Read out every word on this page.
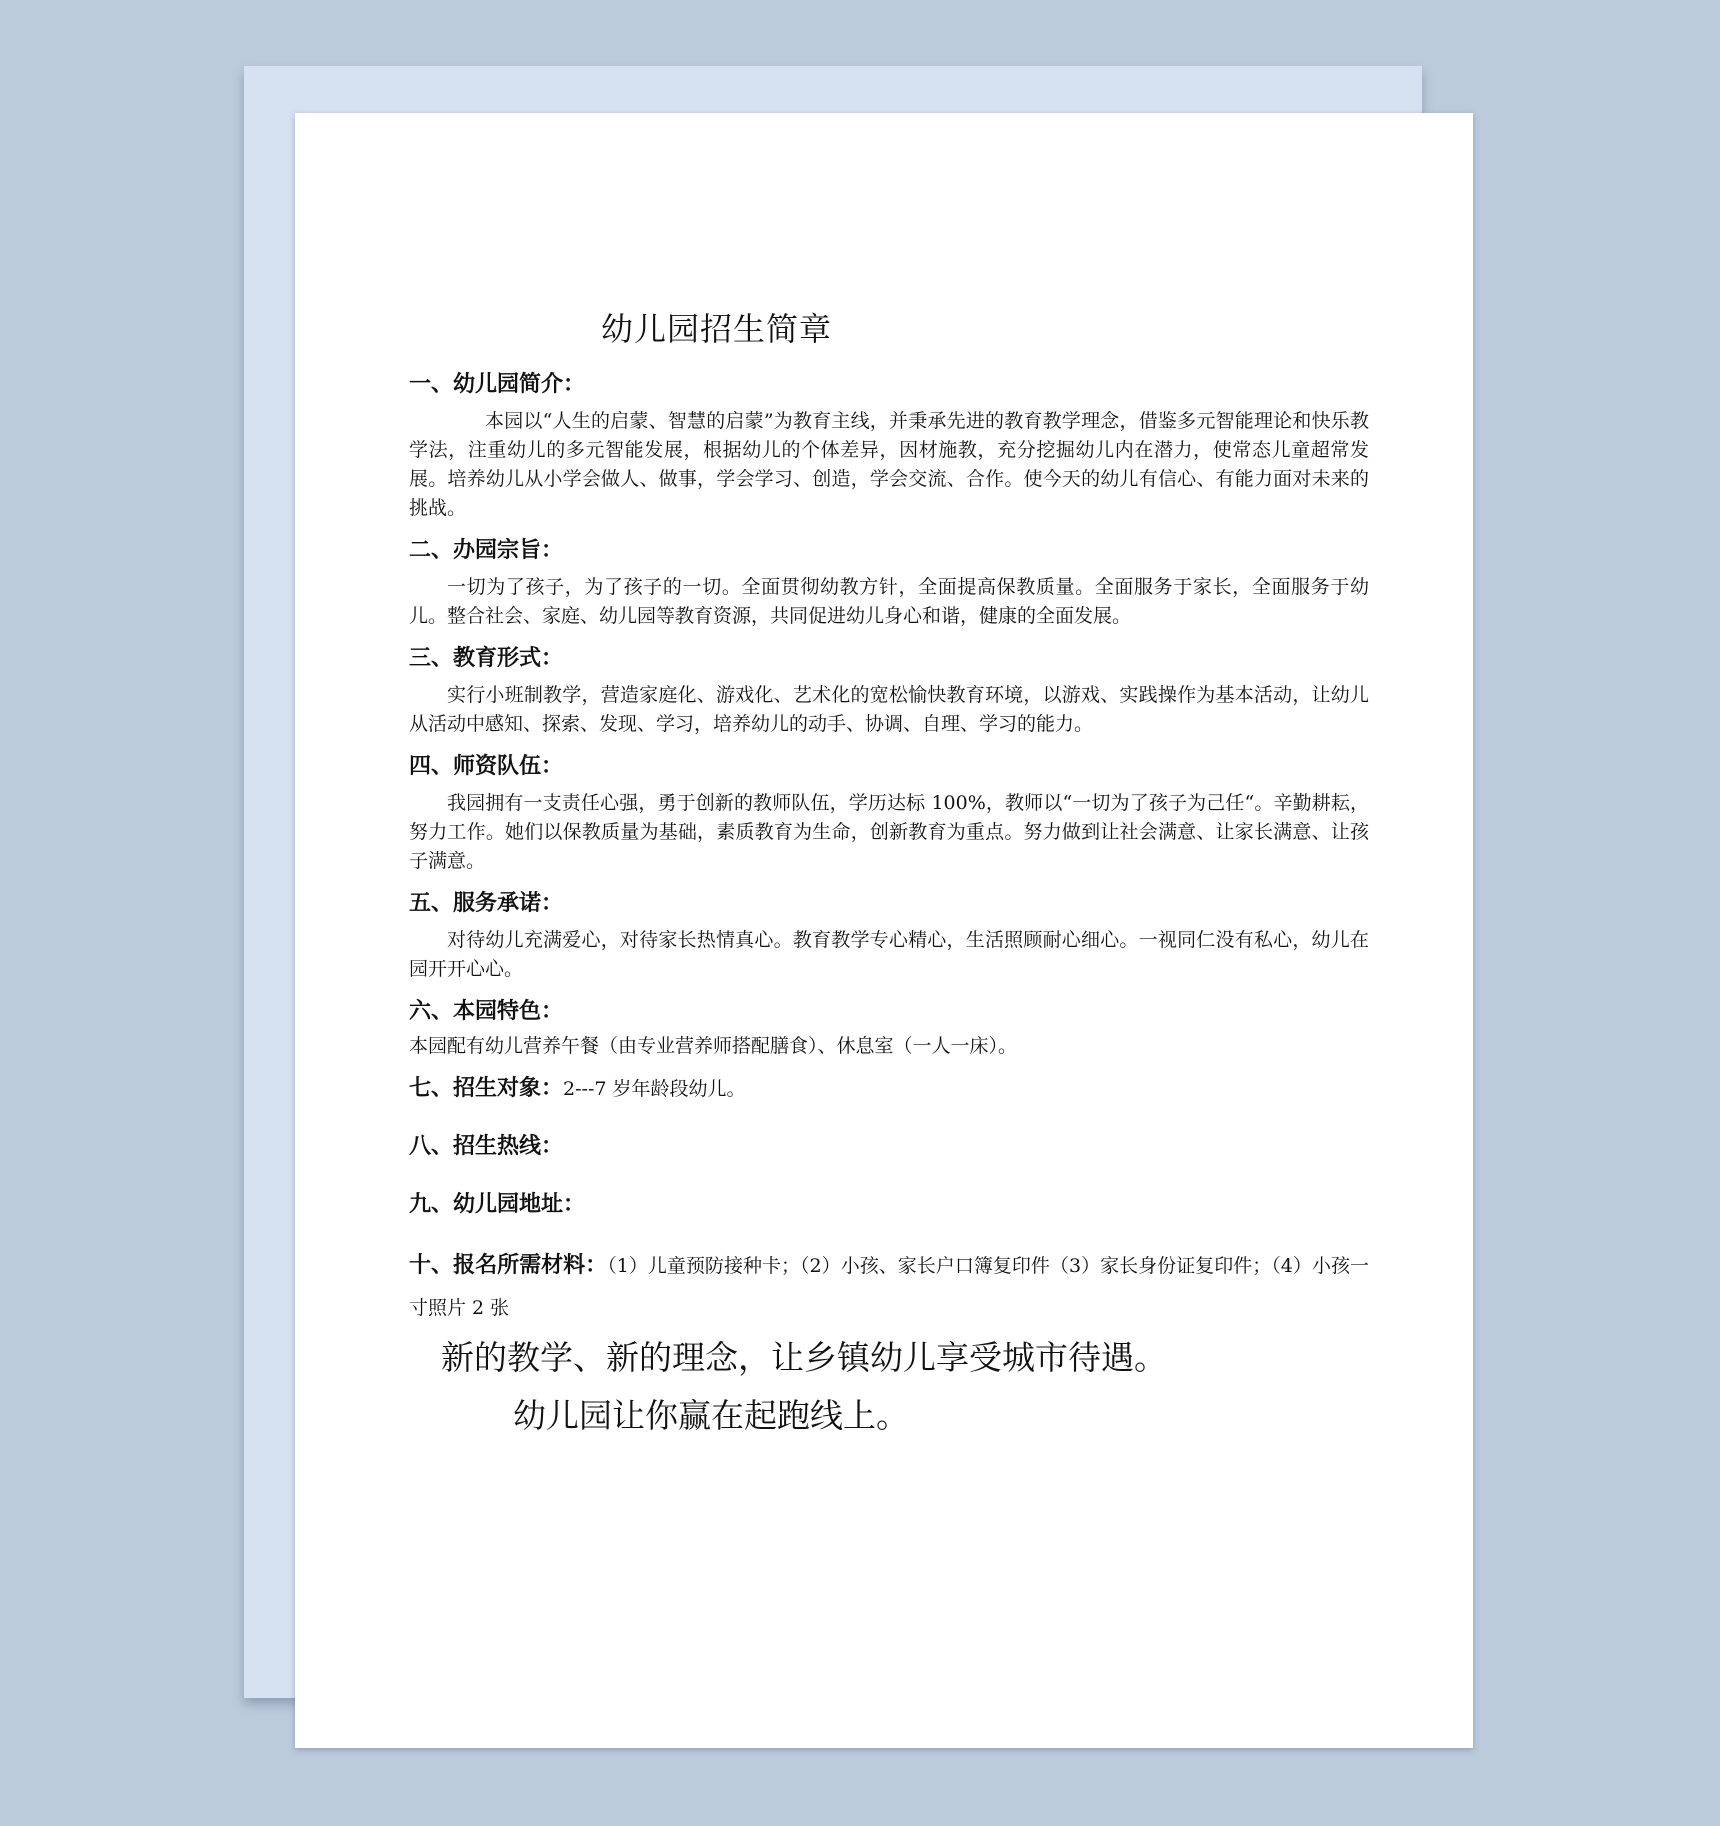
幼儿园招生简章
一、幼儿园简介：
本园以“人生的启蒙、智慧的启蒙”为教育主线，并秉承先进的教育教学理念，借鉴多元智能理论和快乐教学法，注重幼儿的多元智能发展，根据幼儿的个体差异，因材施教，充分挖掘幼儿内在潜力，使常态儿童超常发展。培养幼儿从小学会做人、做事，学会学习、创造，学会交流、合作。使今天的幼儿有信心、有能力面对未来的挑战。
二、办园宗旨：
一切为了孩子，为了孩子的一切。全面贯彻幼教方针，全面提高保教质量。全面服务于家长，全面服务于幼儿。整合社会、家庭、幼儿园等教育资源，共同促进幼儿身心和谐，健康的全面发展。
三、教育形式：
实行小班制教学，营造家庭化、游戏化、艺术化的宽松愉快教育环境，以游戏、实践操作为基本活动，让幼儿从活动中感知、探索、发现、学习，培养幼儿的动手、协调、自理、学习的能力。
四、师资队伍：
我园拥有一支责任心强，勇于创新的教师队伍，学历达标 100%，教师以“一切为了孩子为己任“。辛勤耕耘，努力工作。她们以保教质量为基础，素质教育为生命，创新教育为重点。努力做到让社会满意、让家长满意、让孩子满意。
五、服务承诺：
对待幼儿充满爱心，对待家长热情真心。教育教学专心精心，生活照顾耐心细心。一视同仁没有私心，幼儿在园开开心心。
六、本园特色：
本园配有幼儿营养午餐（由专业营养师搭配膳食）、休息室（一人一床）。
七、招生对象：2---7 岁年龄段幼儿。
八、招生热线：
九、幼儿园地址：
十、报名所需材料：（1）儿童预防接种卡；（2）小孩、家长户口簿复印件（3）家长身份证复印件；（4）小孩一寸照片 2 张
新的教学、新的理念，让乡镇幼儿享受城市待遇。
幼儿园让你赢在起跑线上。
